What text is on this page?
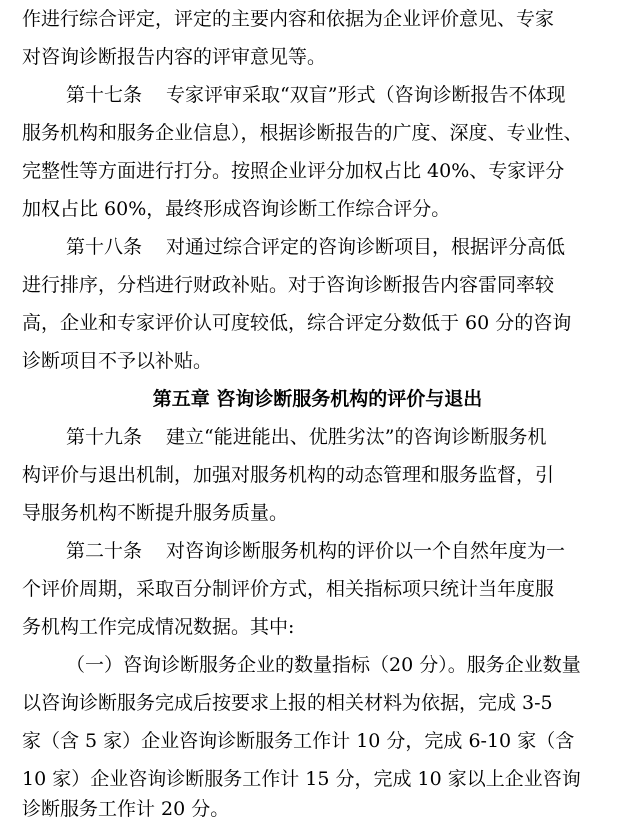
作进行综合评定，评定的主要内容和依据为企业评价意见、专家
对咨询诊断报告内容的评审意见等。
第十七条 专家评审采取“双盲”形式（咨询诊断报告不体现
服务机构和服务企业信息），根据诊断报告的广度、深度、专业性、
完整性等方面进行打分。按照企业评分加权占比 40%、专家评分
加权占比 60%，最终形成咨询诊断工作综合评分。
第十八条 对通过综合评定的咨询诊断项目，根据评分高低
进行排序，分档进行财政补贴。对于咨询诊断报告内容雷同率较
高，企业和专家评价认可度较低，综合评定分数低于 60 分的咨询
诊断项目不予以补贴。
第五章 咨询诊断服务机构的评价与退出
第十九条 建立“能进能出、优胜劣汰”的咨询诊断服务机
构评价与退出机制，加强对服务机构的动态管理和服务监督，引
导服务机构不断提升服务质量。
第二十条 对咨询诊断服务机构的评价以一个自然年度为一
个评价周期，采取百分制评价方式，相关指标项只统计当年度服
务机构工作完成情况数据。其中:
（一）咨询诊断服务企业的数量指标（20 分）。服务企业数量
以咨询诊断服务完成后按要求上报的相关材料为依据，完成 3-5
家（含 5 家）企业咨询诊断服务工作计 10 分，完成 6-10 家（含
10 家）企业咨询诊断服务工作计 15 分，完成 10 家以上企业咨询
诊断服务工作计 20 分。
